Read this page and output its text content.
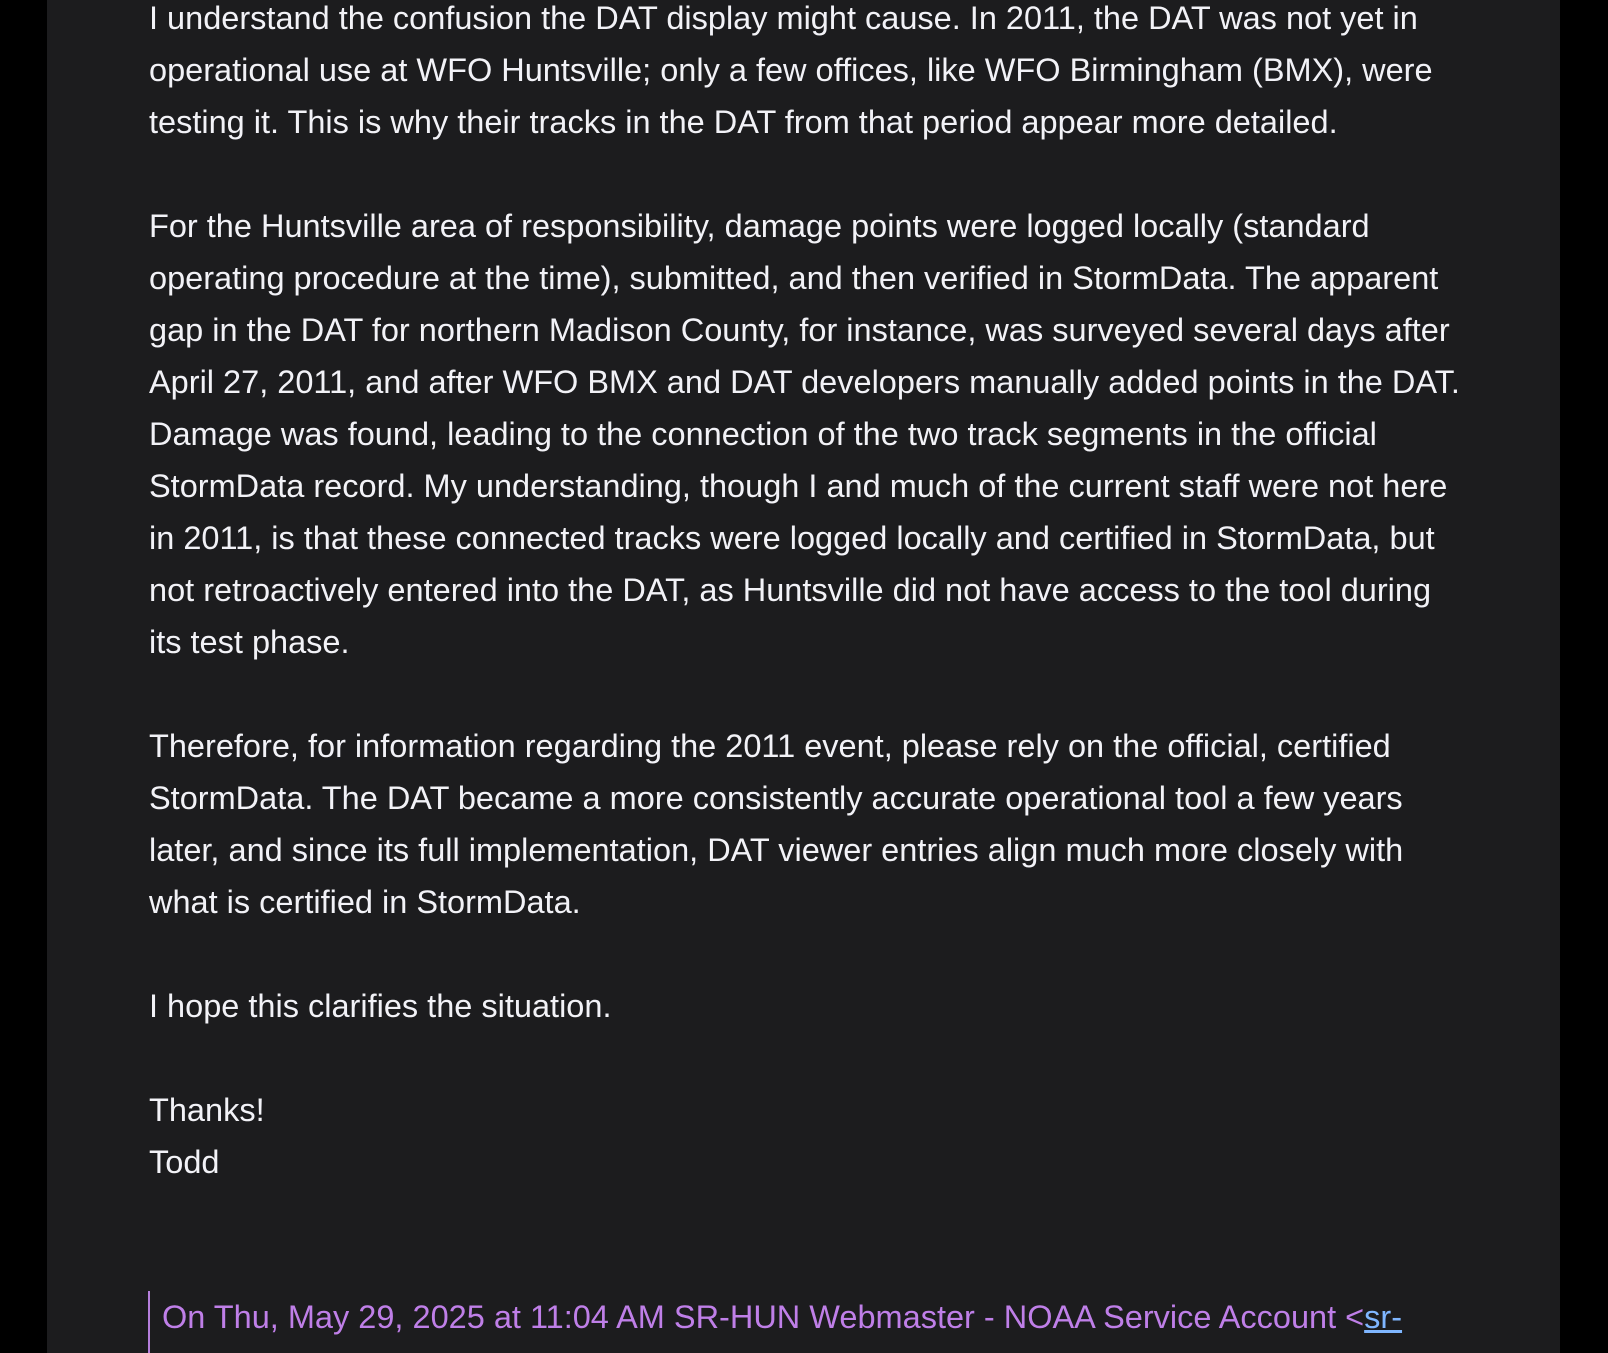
I understand the confusion the DAT display might cause. In 2011, the DAT was not yet in operational use at WFO Huntsville; only a few offices, like WFO Birmingham (BMX), were testing it. This is why their tracks in the DAT from that period appear more detailed.

For the Huntsville area of responsibility, damage points were logged locally (standard operating procedure at the time), submitted, and then verified in StormData. The apparent gap in the DAT for northern Madison County, for instance, was surveyed several days after April 27, 2011, and after WFO BMX and DAT developers manually added points in the DAT. Damage was found, leading to the connection of the two track segments in the official StormData record. My understanding, though I and much of the current staff were not here in 2011, is that these connected tracks were logged locally and certified in StormData, but not retroactively entered into the DAT, as Huntsville did not have access to the tool during its test phase.

Therefore, for information regarding the 2011 event, please rely on the official, certified StormData. The DAT became a more consistently accurate operational tool a few years later, and since its full implementation, DAT viewer entries align much more closely with what is certified in StormData.

I hope this clarifies the situation.

Thanks!

Todd

On Thu, May 29, 2025 at 11:04 AM SR-HUN Webmaster - NOAA Service Account <sr-
